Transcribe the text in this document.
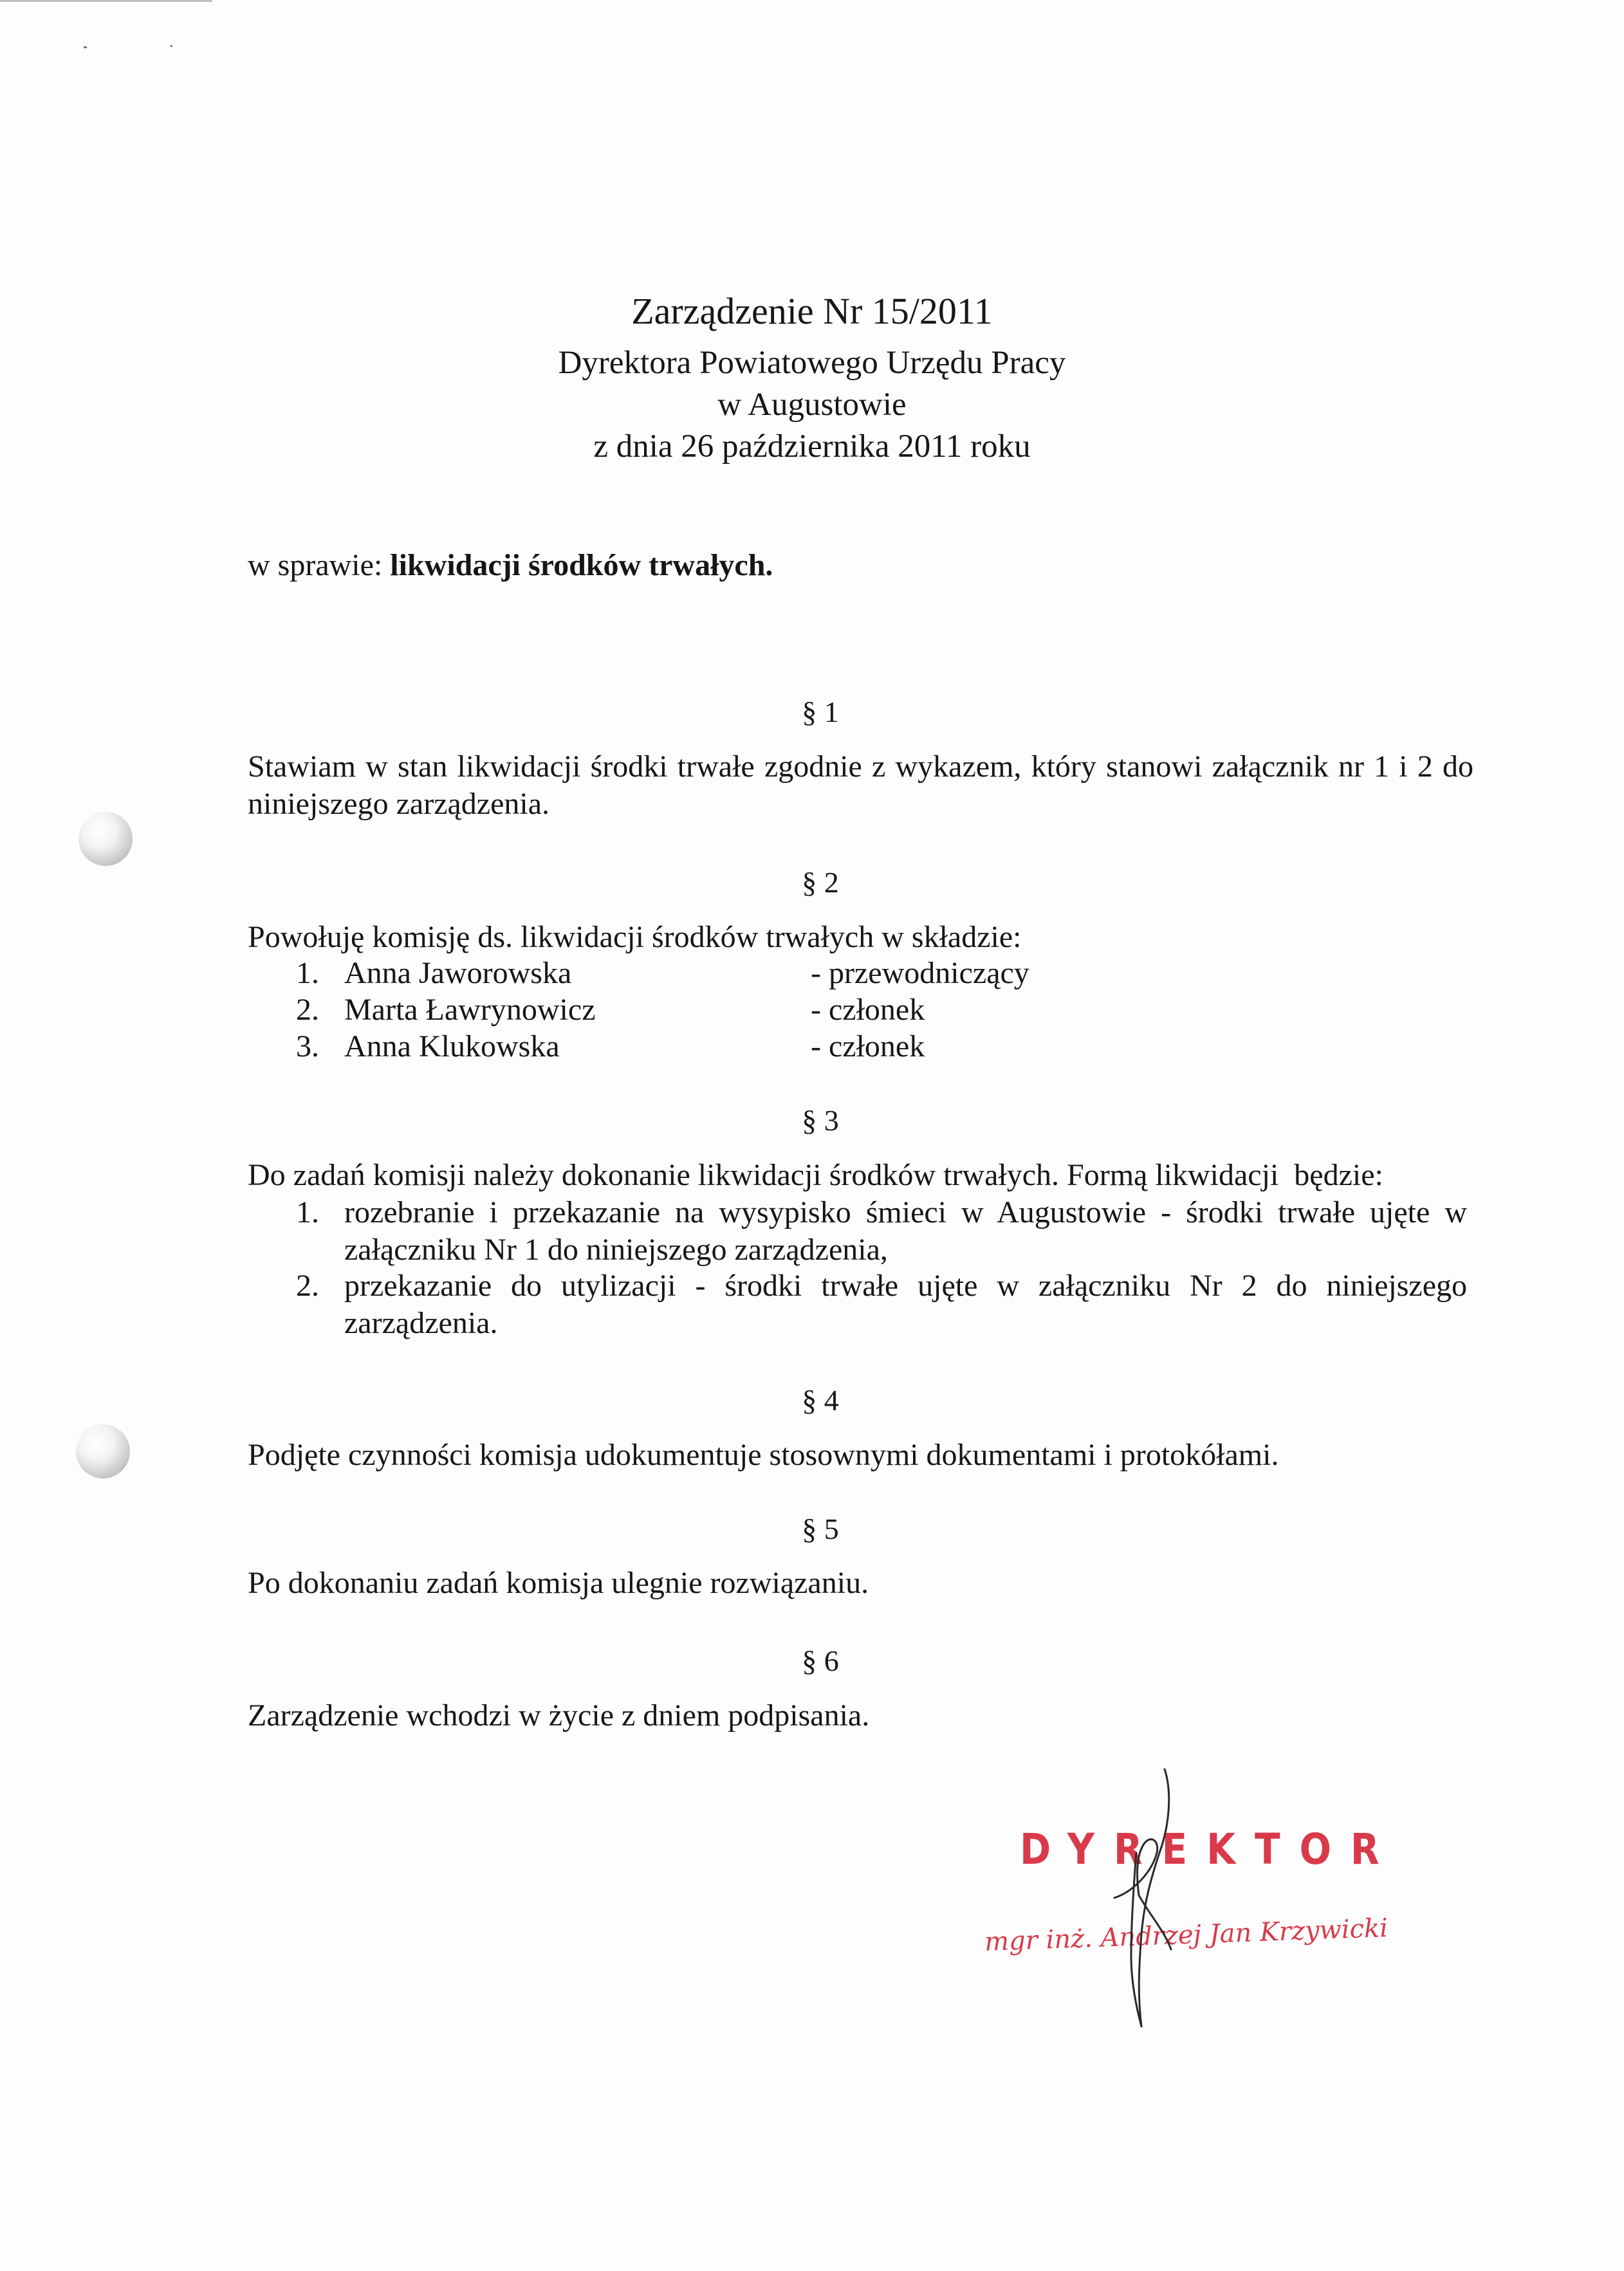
Zarządzenie Nr 15/2011
Dyrektora Powiatowego Urzędu Pracy
w Augustowie
z dnia 26 października 2011 roku
w sprawie: likwidacji środków trwałych.
§ 1
Stawiam w stan likwidacji środki trwałe zgodnie z wykazem, który stanowi załącznik nr 1 i 2 do niniejszego zarządzenia.
§ 2
Powołuję komisję ds. likwidacji środków trwałych w składzie:
1. Anna Jaworowska	- przewodniczący
2. Marta Ławrynowicz	- członek
3. Anna Klukowska	- członek
§ 3
Do zadań komisji należy dokonanie likwidacji środków trwałych. Formą likwidacji  będzie:
1. rozebranie i przekazanie na wysypisko śmieci w Augustowie - środki trwałe ujęte w załączniku Nr 1 do niniejszego zarządzenia,
2. przekazanie do utylizacji - środki trwałe ujęte w załączniku Nr 2 do niniejszego zarządzenia.
§ 4
Podjęte czynności komisja udokumentuje stosownymi dokumentami i protokółami.
§ 5
Po dokonaniu zadań komisja ulegnie rozwiązaniu.
§ 6
Zarządzenie wchodzi w życie z dniem podpisania.
DYREKTOR
mgr inż. Andrzej Jan Krzywicki
